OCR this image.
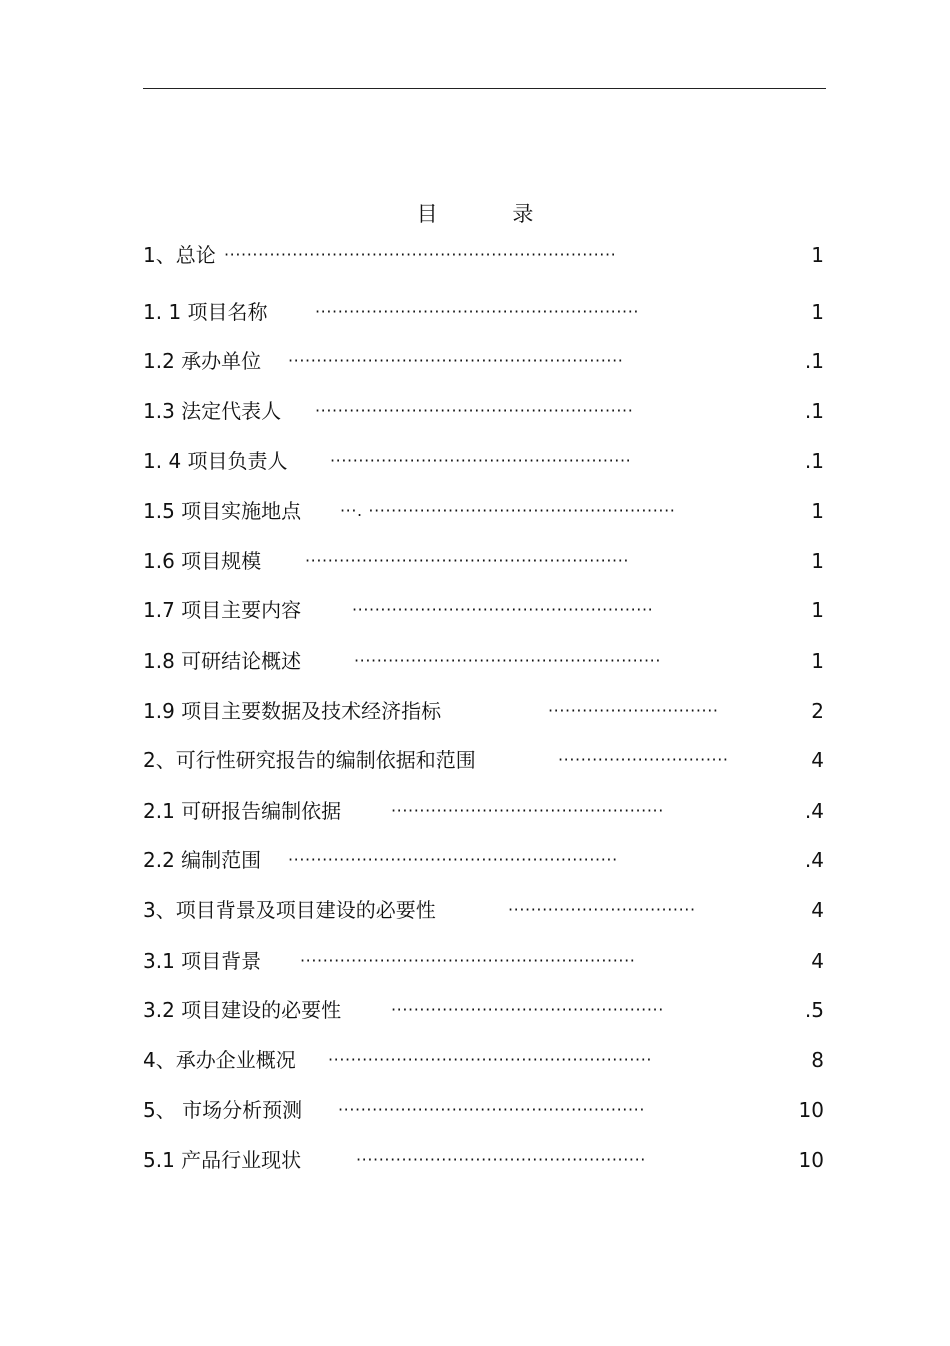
目 录
1、总论 ·····································································	1
1. 1 项目名称	·························································	1
1.2 承办单位 ···························································	.1
1.3 法定代表人 ························································	.1
1. 4 项目负责人	·····················································	.1
1.5 项目实施地点 ···. ······················································	1
1.6 项目规模	·························································	1
1.7 项目主要内容	·····················································	1
1.8 可研结论概述	······················································	1
1.9 项目主要数据及技术经济指标	······························	2
2、可行性研究报告的编制依据和范围	······························	4
2.1 可研报告编制依据	················································	.4
2.2 编制范围 ··························································	.4
3、项目背景及项目建设的必要性	·································	4
3.1 项目背景 ···························································	4
3.2 项目建设的必要性	················································	.5
4、承办企业概况 ·························································	8
5、 市场分析预测 ······················································	10
5.1 产品行业现状	···················································	10
